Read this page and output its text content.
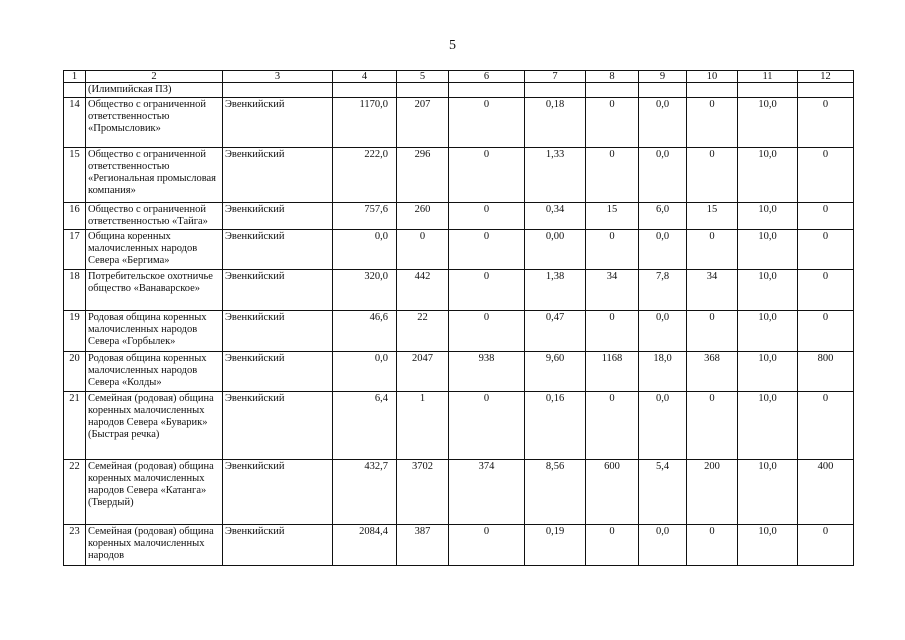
5
1	2	3	4	5	6	7	8	9	10	11	12
	(Илимпийская ПЗ)										
14	Общество с ограниченной ответственностью «Промысловик»	Эвенкийский	1170,0	207	0	0,18	0	0,0	0	10,0	0
15	Общество с ограниченной ответственностью «Региональная промысловая компания»	Эвенкийский	222,0	296	0	1,33	0	0,0	0	10,0	0
16	Общество с ограниченной ответственностью «Тайга»	Эвенкийский	757,6	260	0	0,34	15	6,0	15	10,0	0
17	Община коренных малочисленных народов Севера «Бергима»	Эвенкийский	0,0	0	0	0,00	0	0,0	0	10,0	0
18	Потребительское охотничье общество «Ванаварское»	Эвенкийский	320,0	442	0	1,38	34	7,8	34	10,0	0
19	Родовая община коренных малочисленных народов Севера «Горбылек»	Эвенкийский	46,6	22	0	0,47	0	0,0	0	10,0	0
20	Родовая община коренных малочисленных народов Севера «Колды»	Эвенкийский	0,0	2047	938	9,60	1168	18,0	368	10,0	800
21	Семейная (родовая) община коренных малочисленных народов Севера «Буварик» (Быстрая речка)	Эвенкийский	6,4	1	0	0,16	0	0,0	0	10,0	0
22	Семейная (родовая) община коренных малочисленных народов Севера «Катанга» (Твердый)	Эвенкийский	432,7	3702	374	8,56	600	5,4	200	10,0	400
23	Семейная (родовая) община коренных малочисленных народов	Эвенкийский	2084,4	387	0	0,19	0	0,0	0	10,0	0
